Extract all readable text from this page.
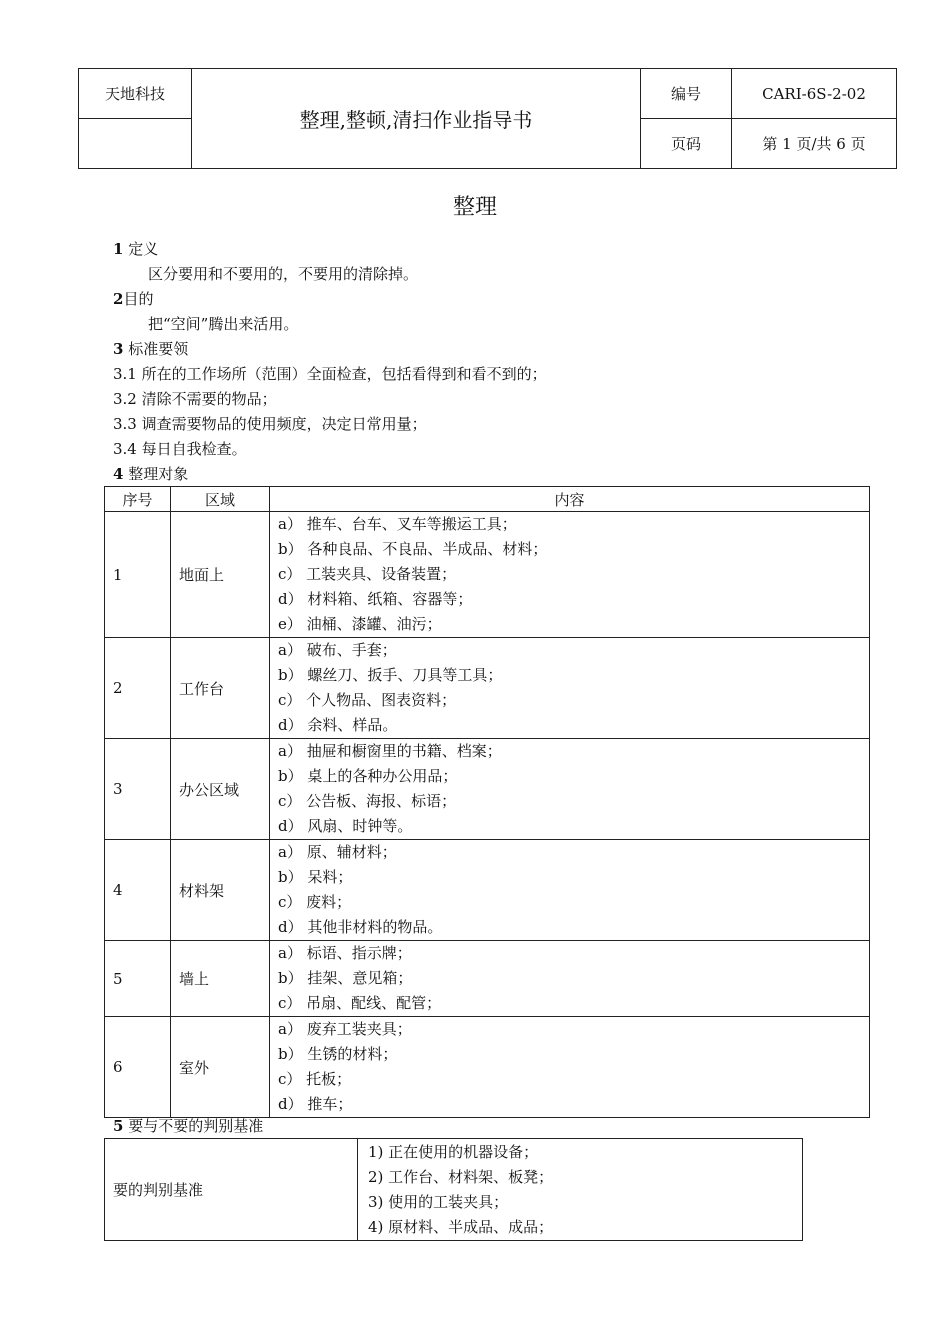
天地科技	整理,整顿,清扫作业指导书	编号	CARI-6S-2-02
		页码	第 1 页/共 6 页
整理
1 定义
区分要用和不要用的，不要用的清除掉。
2目的
把“空间”腾出来活用。
3 标准要领
3.1 所在的工作场所（范围）全面检查，包括看得到和看不到的；
3.2 清除不需要的物品；
3.3 调查需要物品的使用频度，决定日常用量；
3.4 每日自我检查。
4 整理对象
序号	区域	内容
1	地面上	a） 推车、台车、叉车等搬运工具；
b） 各种良品、不良品、半成品、材料；
c） 工装夹具、设备装置；
d） 材料箱、纸箱、容器等；
e） 油桶、漆罐、油污；

2	工作台	a） 破布、手套；
b） 螺丝刀、扳手、刀具等工具；
c） 个人物品、图表资料；
d） 余料、样品。

3	办公区域	a） 抽屉和橱窗里的书籍、档案；
b） 桌上的各种办公用品；
c） 公告板、海报、标语；
d） 风扇、时钟等。

4	材料架	a） 原、辅材料；
b） 呆料；
c） 废料；
d） 其他非材料的物品。

5	墙上	a） 标语、指示牌；
b） 挂架、意见箱；
c） 吊扇、配线、配管；

6	室外	a） 废弃工装夹具；
b） 生锈的材料；
c） 托板；
d） 推车；
5 要与不要的判别基准
要的判别基准	
1) 正在使用的机器设备；
2) 工作台、材料架、板凳；
3) 使用的工装夹具；
4) 原材料、半成品、成品；
